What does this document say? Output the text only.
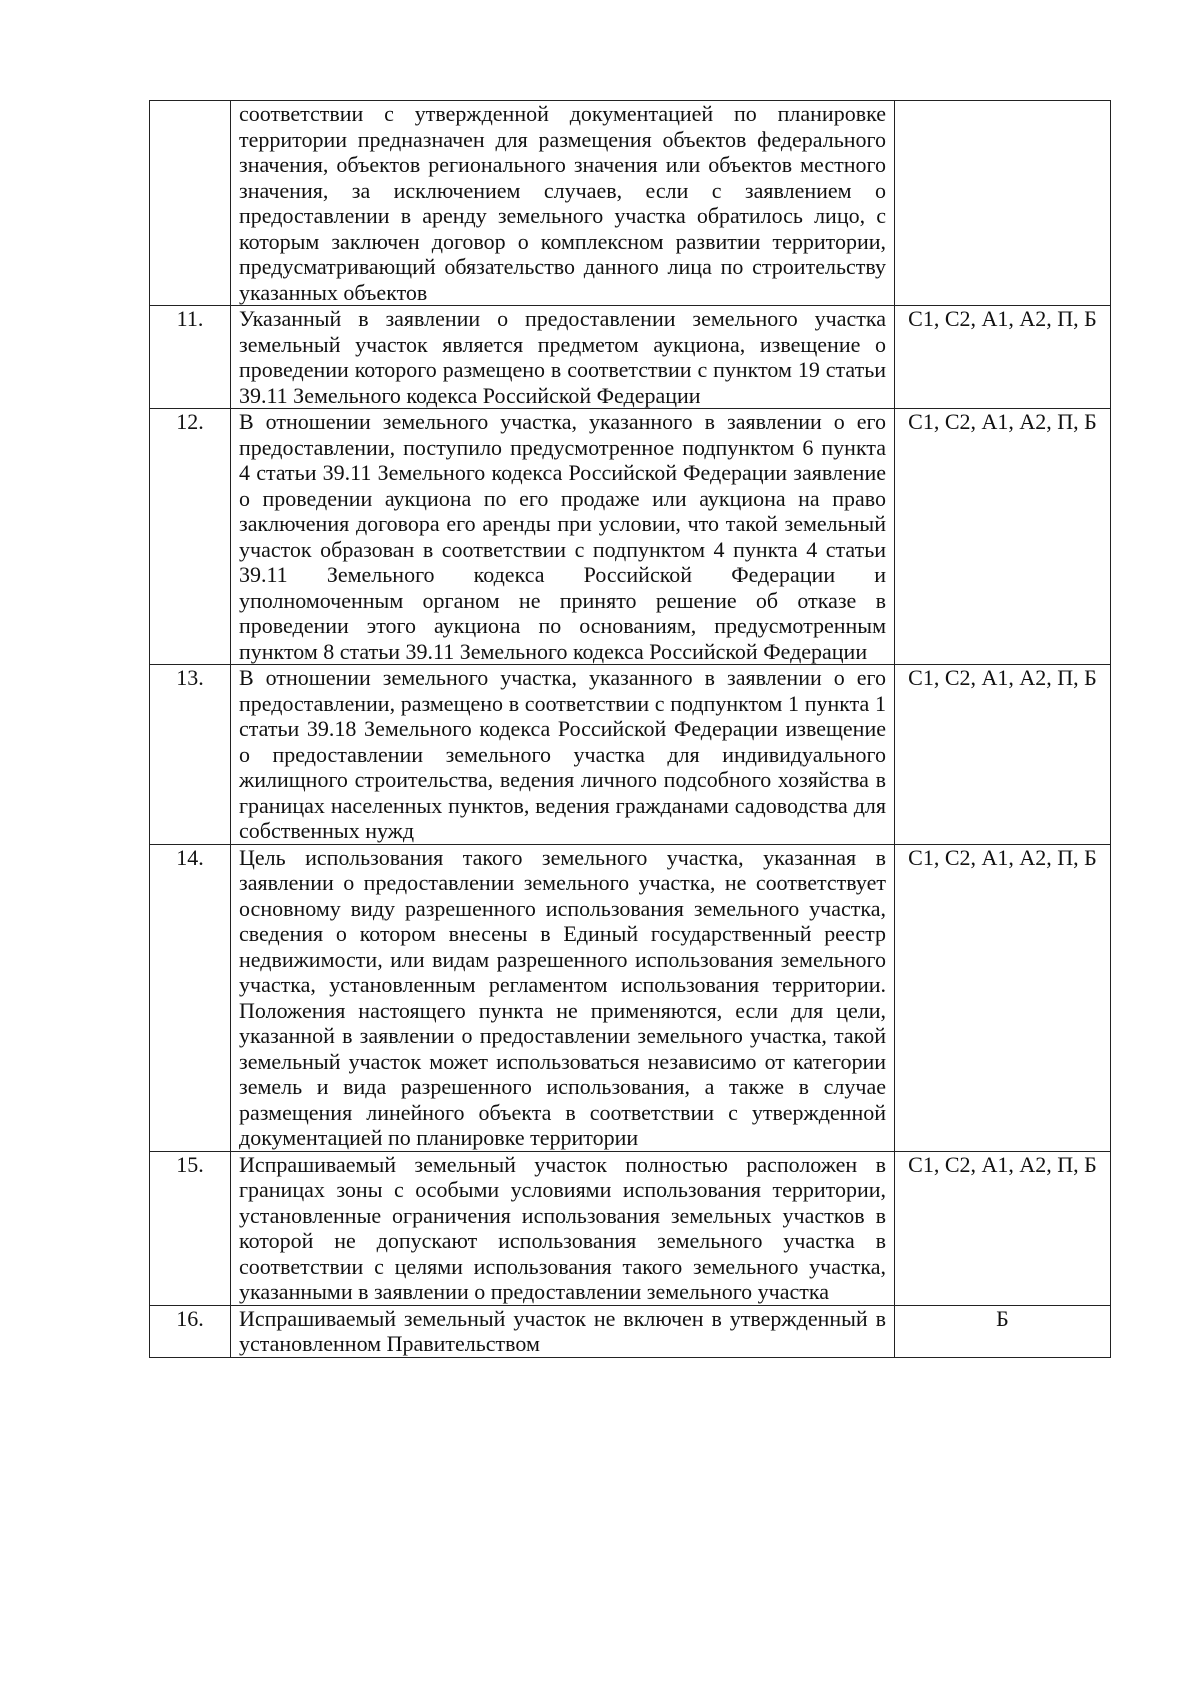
	соответствии с утвержденной документацией по планировке территории предназначен для размещения объектов федерального значения, объектов регионального значения или объектов местного значения, за исключением случаев, если с заявлением о предоставлении в аренду земельного участка обратилось лицо, с которым заключен договор о комплексном развитии территории, предусматривающий обязательство данного лица по строительству указанных объектов	
11.	Указанный в заявлении о предоставлении земельного участка земельный участок является предметом аукциона, извещение о проведении которого размещено в соответствии с пунктом 19 статьи 39.11 Земельного кодекса Российской Федерации	С1, С2, А1, А2, П, Б
12.	В отношении земельного участка, указанного в заявлении о его предоставлении, поступило предусмотренное подпунктом 6 пункта 4 статьи 39.11 Земельного кодекса Российской Федерации заявление о проведении аукциона по его продаже или аукциона на право заключения договора его аренды при условии, что такой земельный участок образован в соответствии с подпунктом 4 пункта 4 статьи 39.11 Земельного кодекса Российской Федерации и уполномоченным органом не принято решение об отказе в проведении этого аукциона по основаниям, предусмотренным пунктом 8 статьи 39.11 Земельного кодекса Российской Федерации	С1, С2, А1, А2, П, Б
13.	В отношении земельного участка, указанного в заявлении о его предоставлении, размещено в соответствии с подпунктом 1 пункта 1 статьи 39.18 Земельного кодекса Российской Федерации извещение о предоставлении земельного участка для индивидуального жилищного строительства, ведения личного подсобного хозяйства в границах населенных пунктов, ведения гражданами садоводства для собственных нужд	С1, С2, А1, А2, П, Б
14.	Цель использования такого земельного участка, указанная в заявлении о предоставлении земельного участка, не соответствует основному виду разрешенного использования земельного участка, сведения о котором внесены в Единый государственный реестр недвижимости, или видам разрешенного использования земельного участка, установленным регламентом использования территории. Положения настоящего пункта не применяются, если для цели, указанной в заявлении о предоставлении земельного участка, такой земельный участок может использоваться независимо от категории земель и вида разрешенного использования, а также в случае размещения линейного объекта в соответствии с утвержденной документацией по планировке территории	С1, С2, А1, А2, П, Б
15.	Испрашиваемый земельный участок полностью расположен в границах зоны с особыми условиями использования территории, установленные ограничения использования земельных участков в которой не допускают использования земельного участка в соответствии с целями использования такого земельного участка, указанными в заявлении о предоставлении земельного участка	С1, С2, А1, А2, П, Б
16.	Испрашиваемый земельный участок не включен в утвержденный в установленном Правительством	Б
